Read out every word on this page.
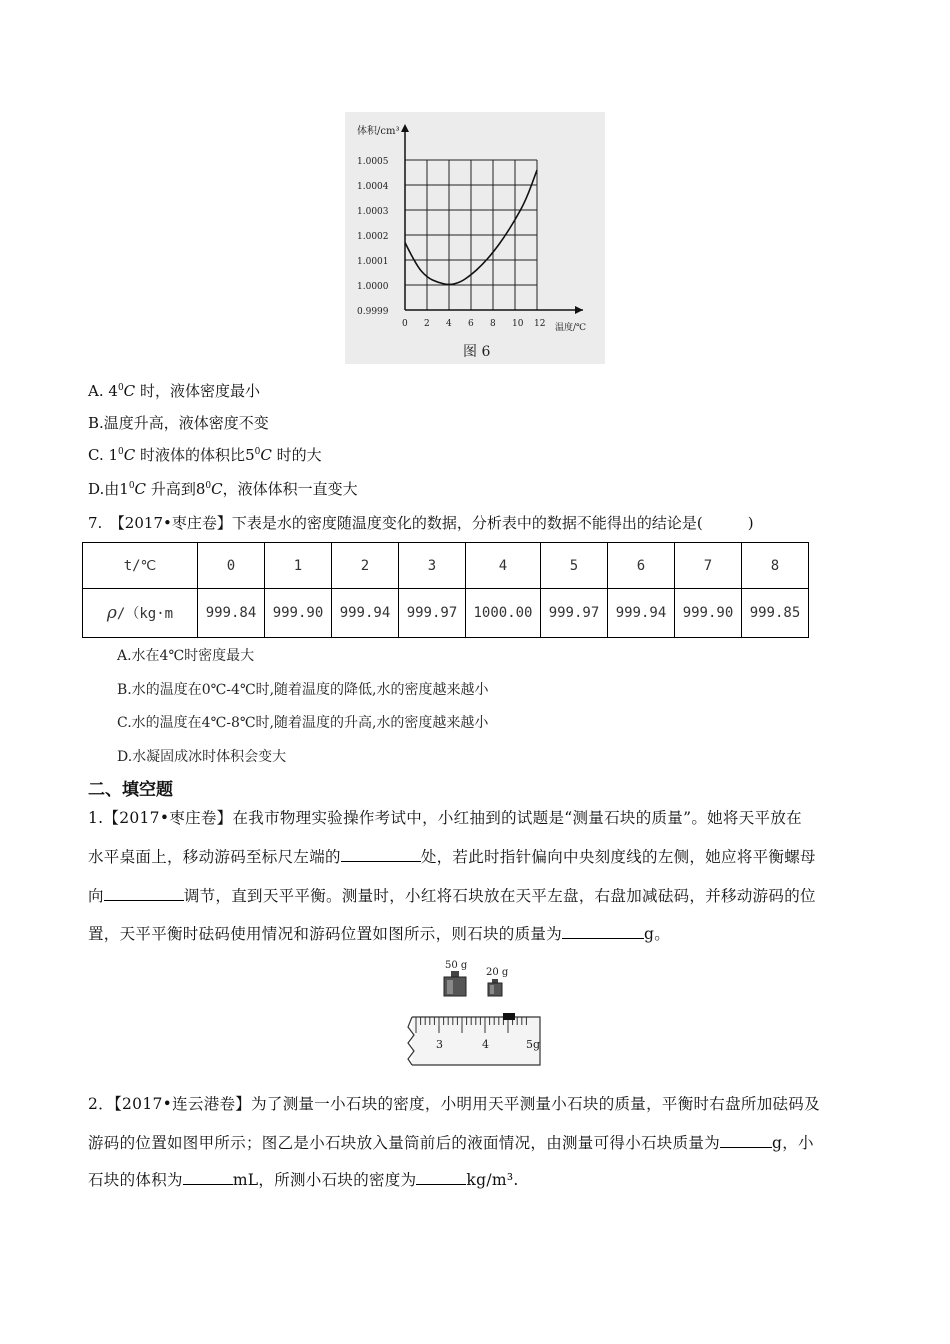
体积/cm³
温度/℃
图 6
1.0005
1.0004
1.0003
1.0002
1.0001
1.0000
0.9999
0 2 4 6 8 10 12
A. $4^0C$ 时，液体密度最小
B.温度升高，液体密度不变
C. $1^0C$ 时液体的体积比$5^0C$ 时的大
D.由$1^0C$ 升高到$8^0C$，液体体积一直变大
7.　【2017•枣庄卷】下表是水的密度随温度变化的数据，分析表中的数据不能得出的结论是(　　　)
t/℃	0	1	2	3	4	5	6	7	8
ρ/（kg·m	999.84	999.90	999.94	999.97	1000.00	999.97	999.94	999.90	999.85
A.水在4℃时密度最大
B.水的温度在0℃-4℃时,随着温度的降低,水的密度越来越小
C.水的温度在4℃-8℃时,随着温度的升高,水的密度越来越小
D.水凝固成冰时体积会变大
二、填空题
1.【2017•枣庄卷】在我市物理实验操作考试中，小红抽到的试题是“测量石块的质量”。她将天平放在
水平桌面上，移动游码至标尺左端的	处，若此时指针偏向中央刻度线的左侧，她应将平衡螺母
向	调节，直到天平平衡。测量时，小红将石块放在天平左盘，右盘加减砝码，并移动游码的位
置，天平平衡时砝码使用情况和游码位置如图所示，则石块的质量为	g。
50 g
20 g
3	4	5g
2．【2017•连云港卷】为了测量一小石块的密度，小明用天平测量小石块的质量，平衡时右盘所加砝码及
游码的位置如图甲所示；图乙是小石块放入量筒前后的液面情况，由测量可得小石块质量为	g，小
石块的体积为	mL，所测小石块的密度为	kg/m³.
